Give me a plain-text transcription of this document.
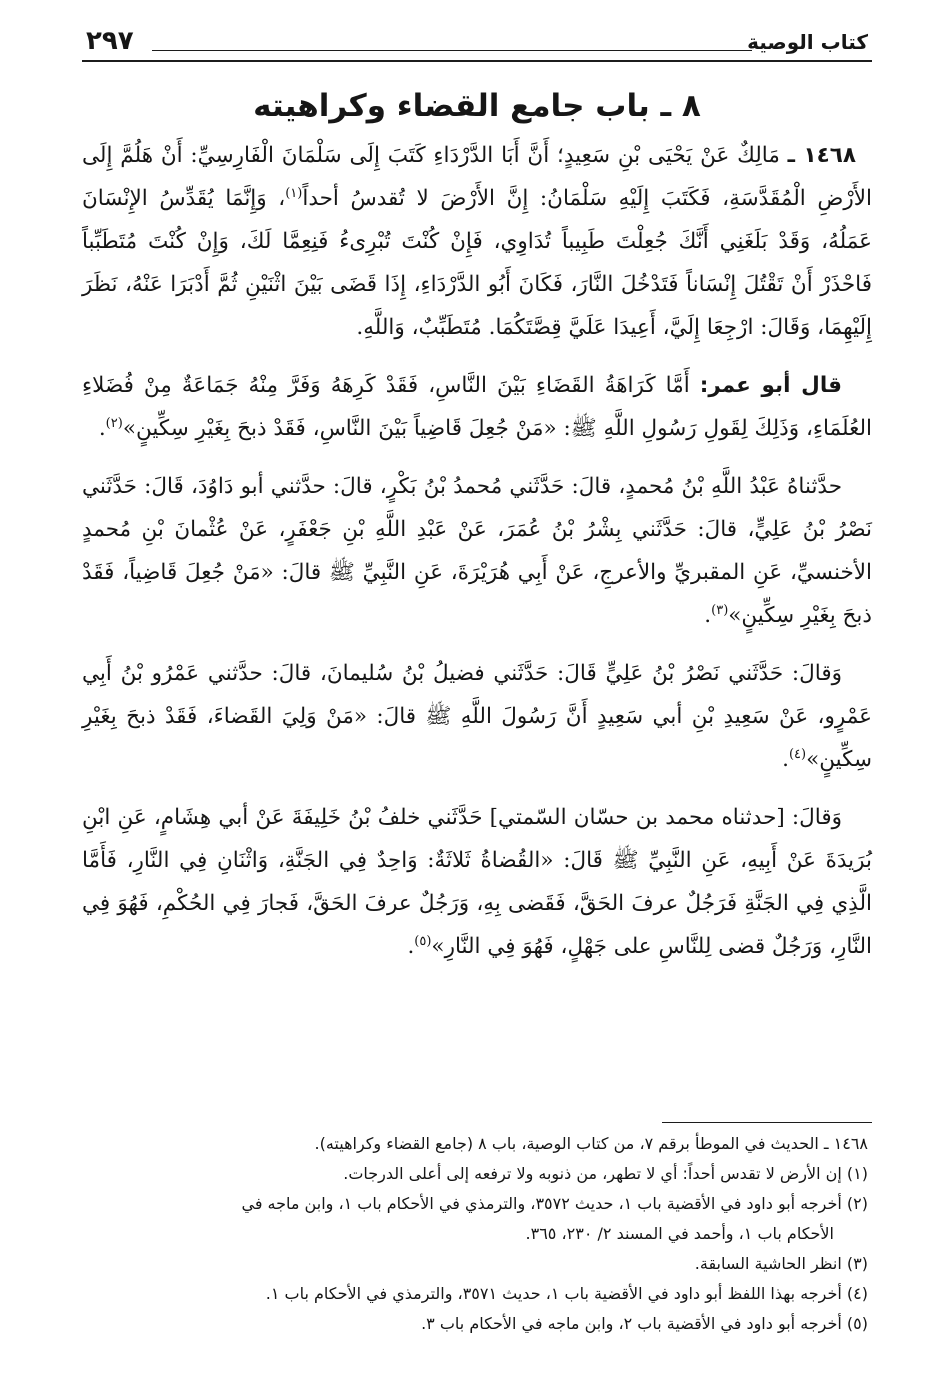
كتاب الوصية
٢٩٧
٨ ـ باب جامع القضاء وكراهيته

١٤٦٨ ـ مَالِكٌ عَنْ يَحْيَى بْنِ سَعِيدٍ؛ أَنَّ أَبَا الدَّرْدَاءِ كَتَبَ إِلَى سَلْمَانَ الْفَارِسِيِّ: أَنْ هَلُمَّ إِلَى الأَرْضِ الْمُقَدَّسَةِ، فَكَتَبَ إِلَيْهِ سَلْمَانُ: إِنَّ الأَرْضَ لا تُقدسُ أحداً$^{(١)}$، وَإِنَّمَا يُقَدِّسُ الإِنْسَانَ عَمَلُهُ، وَقَدْ بَلَغَنِي أَنَّكَ جُعِلْتَ طَبِيباً تُدَاوِي، فَإِنْ كُنْتَ تُبْرِىءُ فَنِعِمَّا لَكَ، وَإِنْ كُنْتَ مُتَطَبِّباً فَاحْذَرْ أَنْ تَقْتُلَ إِنْسَاناً فَتَدْخُلَ النَّارَ، فَكَانَ أَبُو الدَّرْدَاءِ، إِذَا قَضَى بَيْنَ اثْنَيْنِ ثُمَّ أَدْبَرَا عَنْهُ، نَظَرَ إِلَيْهِمَا، وَقَالَ: ارْجِعَا إِلَيَّ، أَعِيدَا عَلَيَّ قِصَّتَكُمَا. مُتَطَبِّبٌ، وَاللَّهِ.

قال أبو عمر: أَمَّا كَرَاهَةُ القَضَاءِ بَيْنَ النَّاسِ، فَقَدْ كَرِهَهُ وَفَرَّ مِنْهُ جَمَاعَةٌ مِنْ فُضَلاءِ العُلَمَاءِ، وَذَلِكَ لِقَولِ رَسُولِ اللَّهِ ﷺ: «مَنْ جُعِلَ قَاضِياً بَيْنَ النَّاسِ، فَقَدْ ذبحَ بِغَيْرِ سِكِّينٍ»$^{(٢)}$.

حدَّثناهُ عَبْدُ اللَّهِ بْنُ مُحمدٍ، قالَ: حَدَّثَني مُحمدُ بْنُ بَكْرٍ، قالَ: حدَّثني أبو دَاوُدَ، قَالَ: حَدَّثَني نَصْرُ بْنُ عَلِيٍّ، قالَ: حَدَّثَني بِشْرُ بْنُ عُمَرَ، عَنْ عَبْدِ اللَّهِ بْنِ جَعْفَرٍ، عَنْ عُثْمانَ بْنِ مُحمدٍ الأخنسيِّ، عَنِ المقبريِّ والأعرجِ، عَنْ أَبِي هُرَيْرَةَ، عَنِ النَّبِيِّ ﷺ قالَ: «مَنْ جُعِلَ قَاضِياً، فَقَدْ ذبحَ بِغَيْرِ سِكِّينٍ»$^{(٣)}$.

وَقالَ: حَدَّثَني نَصْرُ بْنُ عَلِيٍّ قَالَ: حَدَّثَني فضيلُ بْنُ سُليمانَ، قالَ: حدَّثني عَمْرُو بْنُ أَبِي عَمْرٍو، عَنْ سَعِيدِ بْنِ أبي سَعِيدٍ أَنَّ رَسُولَ اللَّهِ ﷺ قالَ: «مَنْ وَلِيَ القَضاءَ، فَقَدْ ذبحَ بِغَيْرِ سِكِّينٍ»$^{(٤)}$.

وَقالَ: [حدثناه محمد بن حسّان السّمتي] حَدَّثَني خلفُ بْنُ خَلِيفَةَ عَنْ أبي هِشَامٍ، عَنِ ابْنِ بُرَيدَةَ عَنْ أَبِيهِ، عَنِ النَّبِيِّ ﷺ قَالَ: «القُضاةُ ثَلاثَةٌ: وَاحِدٌ فِي الجَنَّةِ، وَاثْنَانِ فِي النَّارِ، فَأَمَّا الَّذِي فِي الجَنَّةِ فَرَجُلٌ عرفَ الحَقَّ، فَقَضى بِهِ، وَرَجُلٌ عرفَ الحَقَّ، فَجارَ فِي الحُكْمِ، فَهُوَ فِي النَّارِ، وَرَجُلٌ قضى لِلنَّاسِ على جَهْلٍ، فَهُوَ فِي النَّارِ»$^{(٥)}$.

١٤٦٨ ـ الحديث في الموطأ برقم ٧، من كتاب الوصية، باب ٨ (جامع القضاء وكراهيته).

(١) إن الأرض لا تقدس أحداً: أي لا تطهر، من ذنوبه ولا ترفعه إلى أعلى الدرجات.

(٢) أخرجه أبو داود في الأقضية باب ١، حديث ٣٥٧٢، والترمذي في الأحكام باب ١، وابن ماجه في

الأحكام باب ١، وأحمد في المسند ٢/ ٢٣٠، ٣٦٥.

(٣) انظر الحاشية السابقة.

(٤) أخرجه بهذا اللفظ أبو داود في الأقضية باب ١، حديث ٣٥٧١، والترمذي في الأحكام باب ١.

(٥) أخرجه أبو داود في الأقضية باب ٢، وابن ماجه في الأحكام باب ٣.
